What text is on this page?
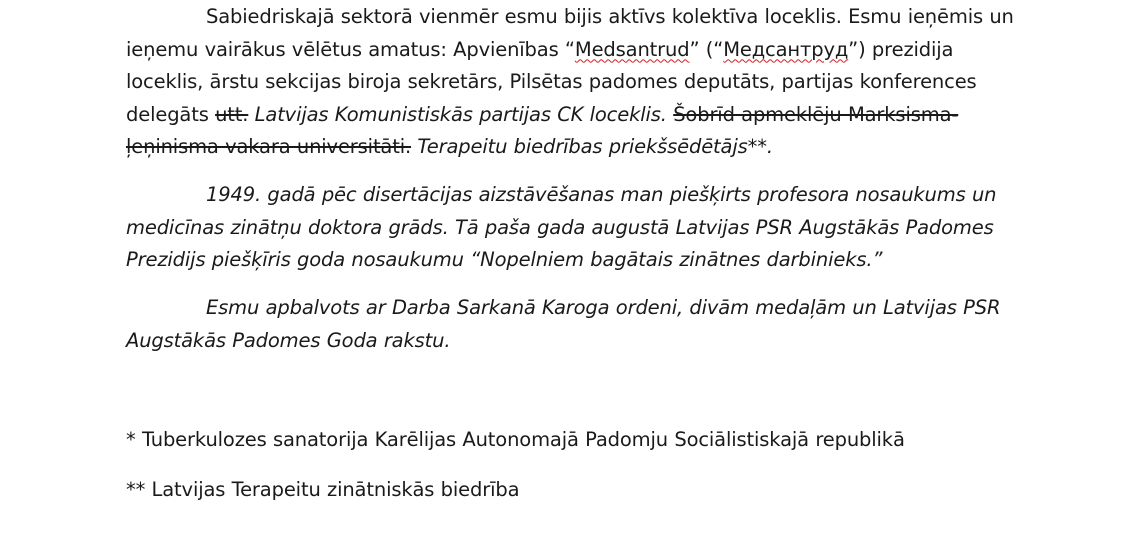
Sabiedriskajā sektorā vienmēr esmu bijis aktīvs kolektīva loceklis. Esmu ieņēmis un ieņemu vairākus vēlētus amatus: Apvienības “Medsantrud” (“Медсантруд”) prezidija loceklis, ārstu sekcijas biroja sekretārs, Pilsētas padomes deputāts, partijas konferences delegāts utt. Latvijas Komunistiskās partijas CK loceklis. Šobrīd apmeklēju Marksisma-ļeņinisma vakara universitāti. Terapeitu biedrības priekšsēdētājs**.

1949. gadā pēc disertācijas aizstāvēšanas man piešķirts profesora nosaukums un medicīnas zinātņu doktora grāds. Tā paša gada augustā Latvijas PSR Augstākās Padomes Prezidijs piešķīris goda nosaukumu “Nopelniem bagātais zinātnes darbinieks.”

Esmu apbalvots ar Darba Sarkanā Karoga ordeni, divām medaļām un Latvijas PSR Augstākās Padomes Goda rakstu.

* Tuberkulozes sanatorija Karēlijas Autonomajā Padomju Sociālistiskajā republikā

** Latvijas Terapeitu zinātniskās biedrība
